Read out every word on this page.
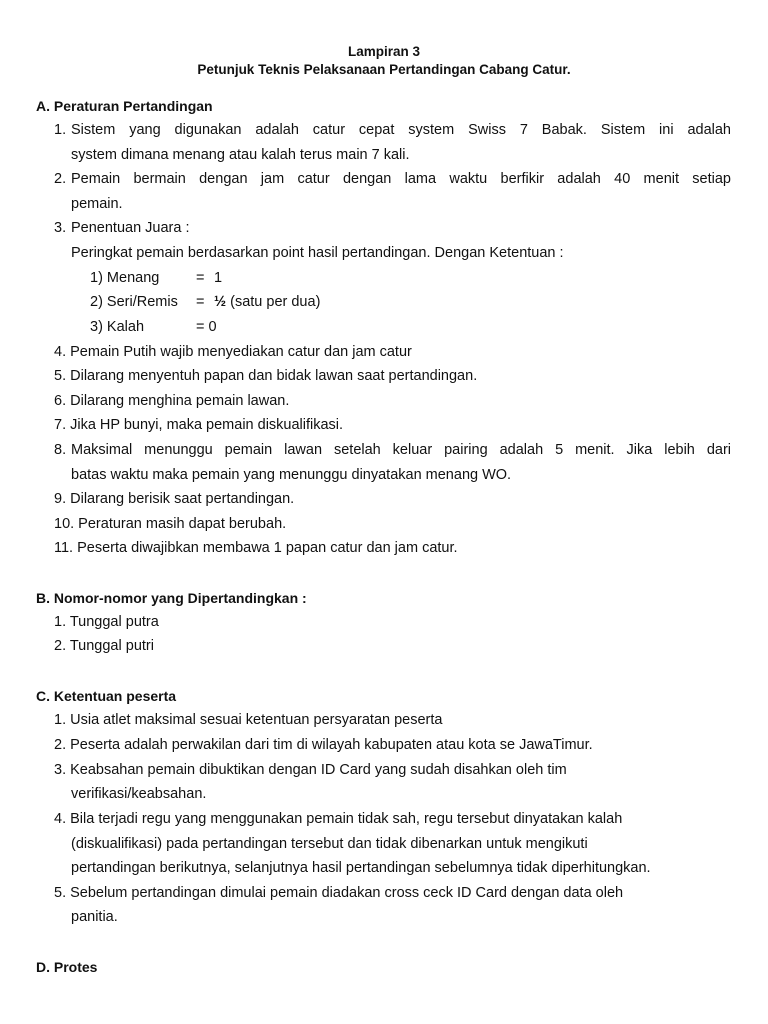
Lampiran 3
Petunjuk Teknis Pelaksanaan Pertandingan Cabang Catur.
A. Peraturan Pertandingan
1. Sistem yang digunakan adalah catur cepat system Swiss 7 Babak. Sistem ini adalah
system dimana menang atau kalah terus main 7 kali.
2. Pemain bermain dengan jam catur dengan lama waktu berfikir adalah 40 menit setiap
pemain.
3. Penentuan Juara :
Peringkat pemain berdasarkan point hasil pertandingan. Dengan Ketentuan :
1) Menang	= 1
2) Seri/Remis = ½ (satu per dua)
3) Kalah	= 0
4. Pemain Putih wajib menyediakan catur dan jam catur
5. Dilarang menyentuh papan dan bidak lawan saat pertandingan.
6. Dilarang menghina pemain lawan.
7. Jika HP bunyi, maka pemain diskualifikasi.
8. Maksimal menunggu pemain lawan setelah keluar pairing adalah 5 menit. Jika lebih dari
batas waktu maka pemain yang menunggu dinyatakan menang WO.
9. Dilarang berisik saat pertandingan.
10. Peraturan masih dapat berubah.
11. Peserta diwajibkan membawa 1 papan catur dan jam catur.
B. Nomor-nomor yang Dipertandingkan :
1. Tunggal putra
2. Tunggal putri
C. Ketentuan peserta
1. Usia atlet maksimal sesuai ketentuan persyaratan peserta
2. Peserta adalah perwakilan dari tim di wilayah kabupaten atau kota se JawaTimur.
3. Keabsahan pemain dibuktikan dengan ID Card yang sudah disahkan oleh tim
verifikasi/keabsahan.
4. Bila terjadi regu yang menggunakan pemain tidak sah, regu tersebut dinyatakan kalah
(diskualifikasi) pada pertandingan tersebut dan tidak dibenarkan untuk mengikuti
pertandingan berikutnya, selanjutnya hasil pertandingan sebelumnya tidak diperhitungkan.
5. Sebelum pertandingan dimulai pemain diadakan cross ceck ID Card dengan data oleh
panitia.
D. Protes
